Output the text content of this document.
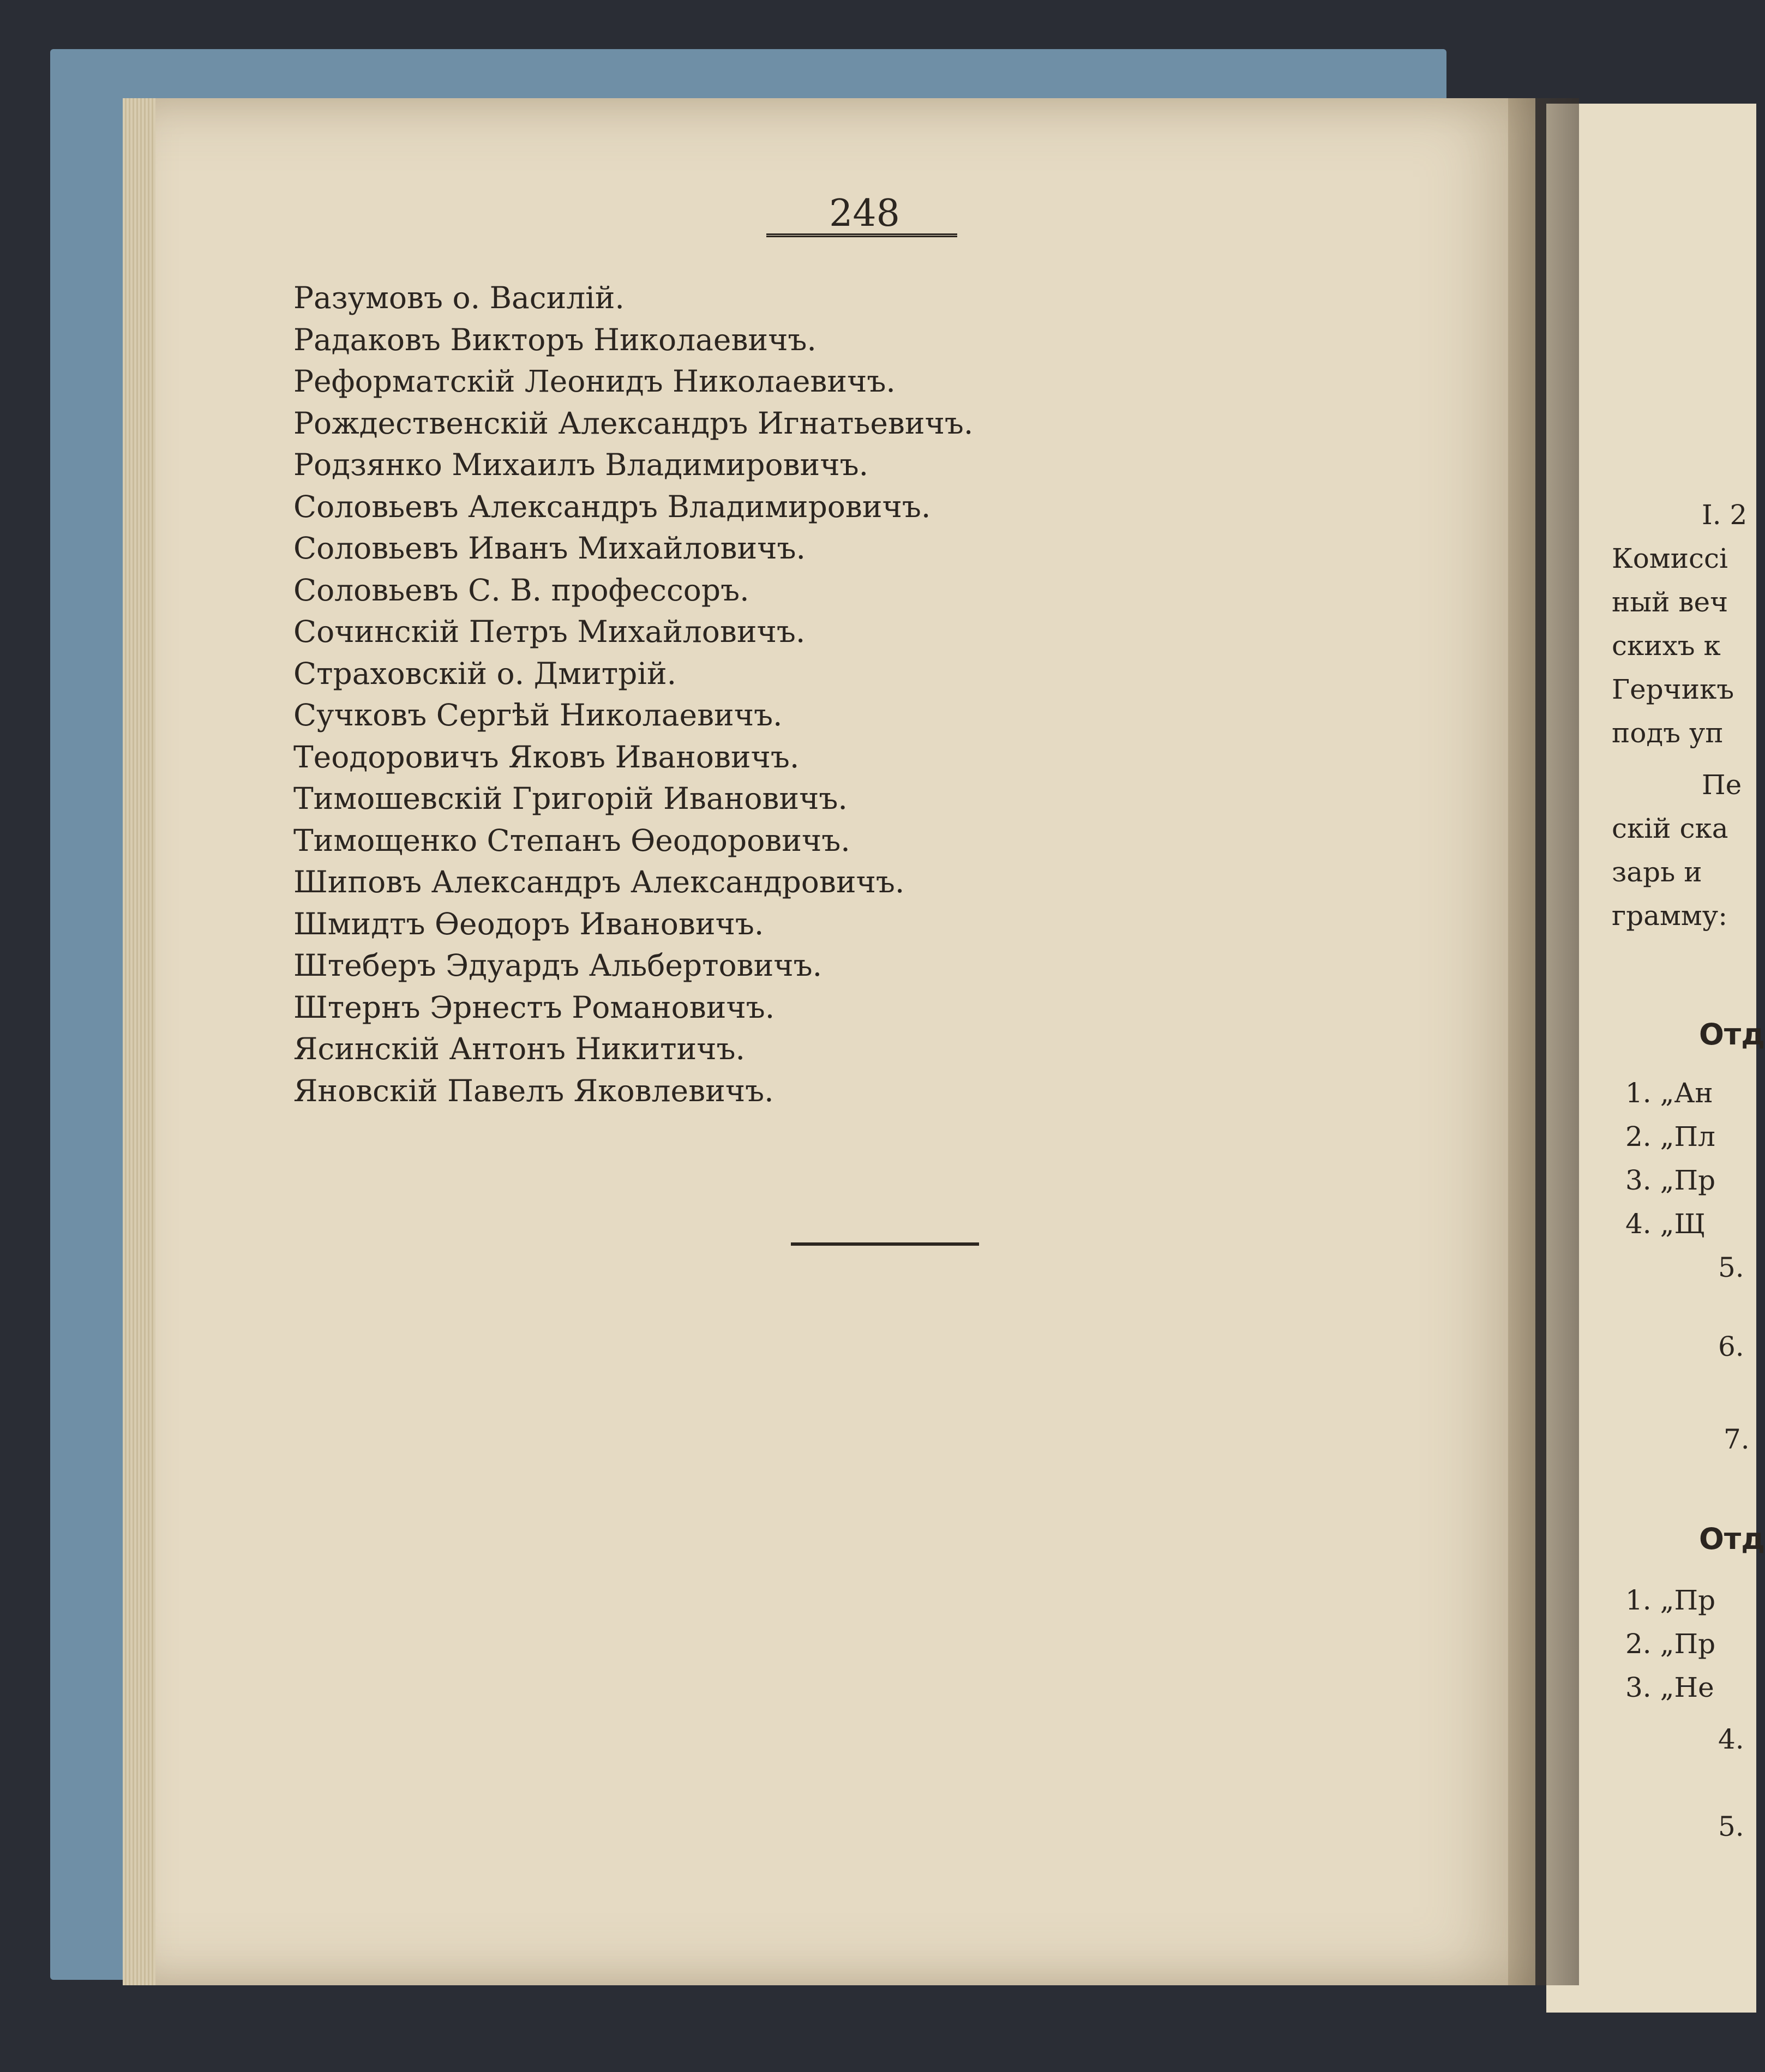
248
Разумовъ о. Василій.
Радаковъ Викторъ Николаевичъ.
Реформатскій Леонидъ Николаевичъ.
Рождественскій Александръ Игнатьевичъ.
Родзянко Михаилъ Владимировичъ.
Соловьевъ Александръ Владимировичъ.
Соловьевъ Иванъ Михайловичъ.
Соловьевъ С. В. профессоръ.
Сочинскій Петръ Михайловичъ.
Страховскій о. Дмитрій.
Сучковъ Сергѣй Николаевичъ.
Теодоровичъ Яковъ Ивановичъ.
Тимошевскій Григорій Ивановичъ.
Тимощенко Степанъ Өеодоровичъ.
Шиповъ Александръ Александровичъ.
Шмидтъ Өеодоръ Ивановичъ.
Штеберъ Эдуардъ Альбертовичъ.
Штернъ Эрнестъ Романовичъ.
Ясинскій Антонъ Никитичъ.
Яновскій Павелъ Яковлевичъ.
I. 2
Комиссі
ный веч
скихъ к
Герчикъ
подъ уп
Пе
скій ска
зарь и
грамму:
Отд
1. „Ан
2. „Пл
3. „Пр
4. „Щ
5.
6.
7.
Отд
1. „Пр
2. „Пр
3. „Не
4.
5.
